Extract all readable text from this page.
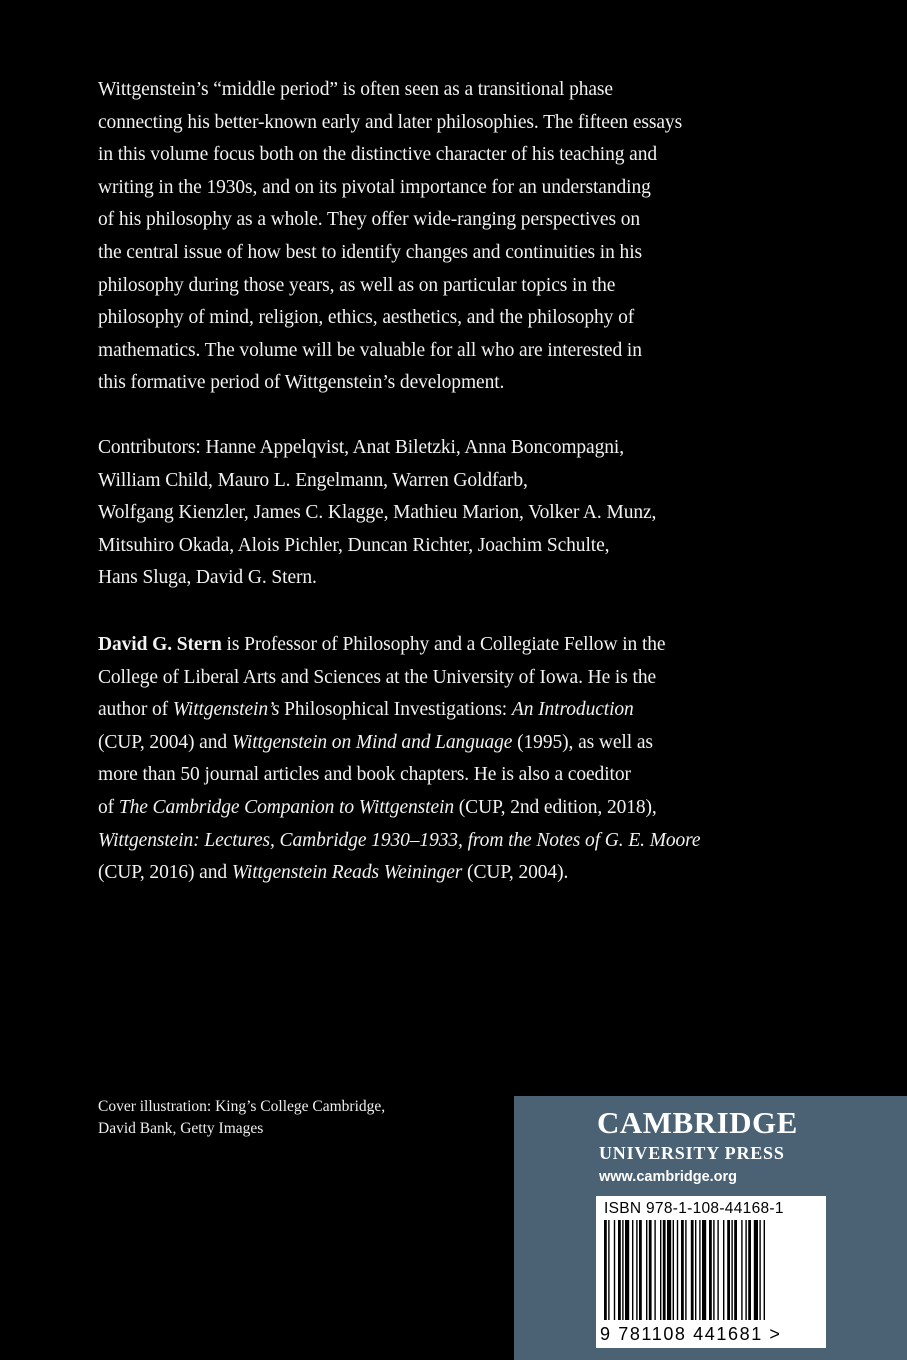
Wittgenstein’s “middle period” is often seen as a transitional phase
connecting his better-known early and later philosophies. The fifteen essays
in this volume focus both on the distinctive character of his teaching and
writing in the 1930s, and on its pivotal importance for an understanding
of his philosophy as a whole. They offer wide-ranging perspectives on
the central issue of how best to identify changes and continuities in his
philosophy during those years, as well as on particular topics in the
philosophy of mind, religion, ethics, aesthetics, and the philosophy of
mathematics. The volume will be valuable for all who are interested in
this formative period of Wittgenstein’s development.
Contributors: Hanne Appelqvist, Anat Biletzki, Anna Boncompagni,
William Child, Mauro L. Engelmann, Warren Goldfarb,
Wolfgang Kienzler, James C. Klagge, Mathieu Marion, Volker A. Munz,
Mitsuhiro Okada, Alois Pichler, Duncan Richter, Joachim Schulte,
Hans Sluga, David G. Stern.
David G. Stern is Professor of Philosophy and a Collegiate Fellow in the
College of Liberal Arts and Sciences at the University of Iowa. He is the
author of Wittgenstein’s Philosophical Investigations: An Introduction
(CUP, 2004) and Wittgenstein on Mind and Language (1995), as well as
more than 50 journal articles and book chapters. He is also a coeditor
of The Cambridge Companion to Wittgenstein (CUP, 2nd edition, 2018),
Wittgenstein: Lectures, Cambridge 1930–1933, from the Notes of G. E. Moore
(CUP, 2016) and Wittgenstein Reads Weininger (CUP, 2004).
Cover illustration: King’s College Cambridge,
David Bank, Getty Images	CAMBRIDGE
UNIVERSITY PRESS
www.cambridge.org
ISBN 978-1-108-44168-1
9 781108 441681 >
